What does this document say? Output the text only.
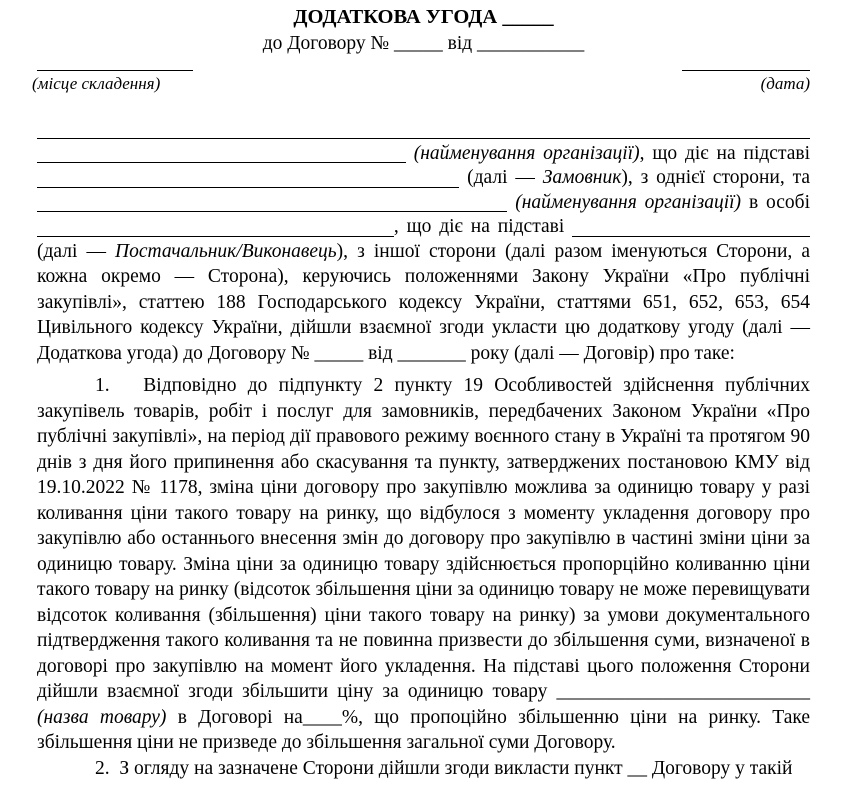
ДОДАТКОВА УГОДА _____
до Договору № _____ від ___________
(місце складення)	(дата)

(найменування організації) , що діє на підставі
(далі — Замовник ), з однієї сторони, та

(найменування організації) в особі
, що діє на підставі

(далі — Постачальник/Виконавець), з іншої сторони (далі разом іменуються Сторони, а кожна окремо — Сторона), керуючись положеннями Закону України «Про публічні закупівлі», статтею 188 Господарського кодексу України, статтями 651, 652, 653, 654 Цивільного кодексу України, дійшли взаємної згоди укласти цю додаткову угоду (далі — Додаткова угода) до Договору № _____ від _______ року (далі — Договір) про таке:

1.   Відповідно до підпункту 2 пункту 19 Особливостей здійснення публічних закупівель товарів, робіт і послуг для замовників, передбачених Законом України «Про публічні закупівлі», на період дії правового режиму воєнного стану в Україні та протягом 90 днів з дня його припинення або скасування та пункту, затверджених постановою КМУ від 19.10.2022 № 1178, зміна ціни договору про закупівлю можлива за одиницю товару у разі коливання ціни такого товару на ринку, що відбулося з моменту укладення договору про закупівлю або останнього внесення змін до договору про закупівлю в частині зміни ціни за одиницю товару. Зміна ціни за одиницю товару здійснюється пропорційно коливанню ціни такого товару на ринку (відсоток збільшення ціни за одиницю товару не може перевищувати відсоток коливання (збільшення) ціни такого товару на ринку) за умови документального підтвердження такого коливання та не повинна призвести до збільшення суми, визначеної в договорі про закупівлю на момент його укладення. На підставі цього положення Сторони дійшли взаємної згоди збільшити ціну за одиницю товару __________________________ (назва товару) в Договорі на____%, що пропоційно збільшенню ціни на ринку. Таке збільшення ціни не призведе до збільшення загальної суми Договору.

2.  З огляду на зазначене Сторони дійшли згоди викласти пункт __ Договору у такій
